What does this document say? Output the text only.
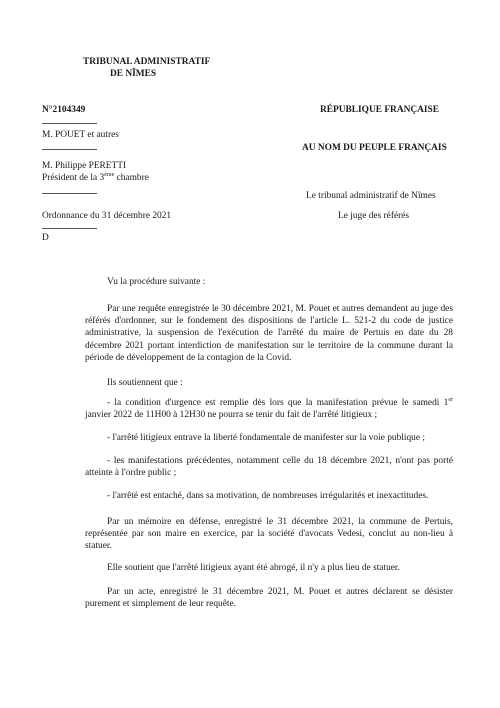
TRIBUNAL ADMINISTRATIF
DE NÎMES
N°2104349
M. POUET et autres
M. Philippe PERETTI
Président de la 3ème chambre
Ordonnance du 31 décembre 2021
D
RÉPUBLIQUE FRANÇAISE
AU NOM DU PEUPLE FRANÇAIS
Le tribunal administratif de Nîmes
Le juge des référés
Vu la procédure suivante :
Par une requête enregistrée le 30 décembre 2021, M. Pouet et autres demandent au juge des référés d'ordonner, sur le fondement des dispositions de l'article L. 521-2 du code de justice administrative, la suspension de l'exécution de l'arrêté du maire de Pertuis en date du 28 décembre 2021 portant interdiction de manifestation sur le territoire de la commune durant la période de développement de la contagion de la Covid.
Ils soutiennent que :
- la condition d'urgence est remplie dès lors que la manifestation prévue le samedi 1er janvier 2022 de 11H00 à 12H30 ne pourra se tenir du fait de l'arrêté litigieux ;
- l'arrêté litigieux entrave la liberté fondamentale de manifester sur la voie publique ;
- les manifestations précédentes, notamment celle du 18 décembre 2021, n'ont pas porté atteinte à l'ordre public ;
- l'arrêté est entaché, dans sa motivation, de nombreuses irrégularités et inexactitudes.
Par un mémoire en défense, enregistré le 31 décembre 2021, la commune de Pertuis, représentée par son maire en exercice, par la société d'avocats Vedesi, conclut au non-lieu à statuer.
Elle soutient que l'arrêté litigieux ayant été abrogé, il n'y a plus lieu de statuer.
Par un acte, enregistré le 31 décembre 2021, M. Pouet et autres déclarent se désister purement et simplement de leur requête.
